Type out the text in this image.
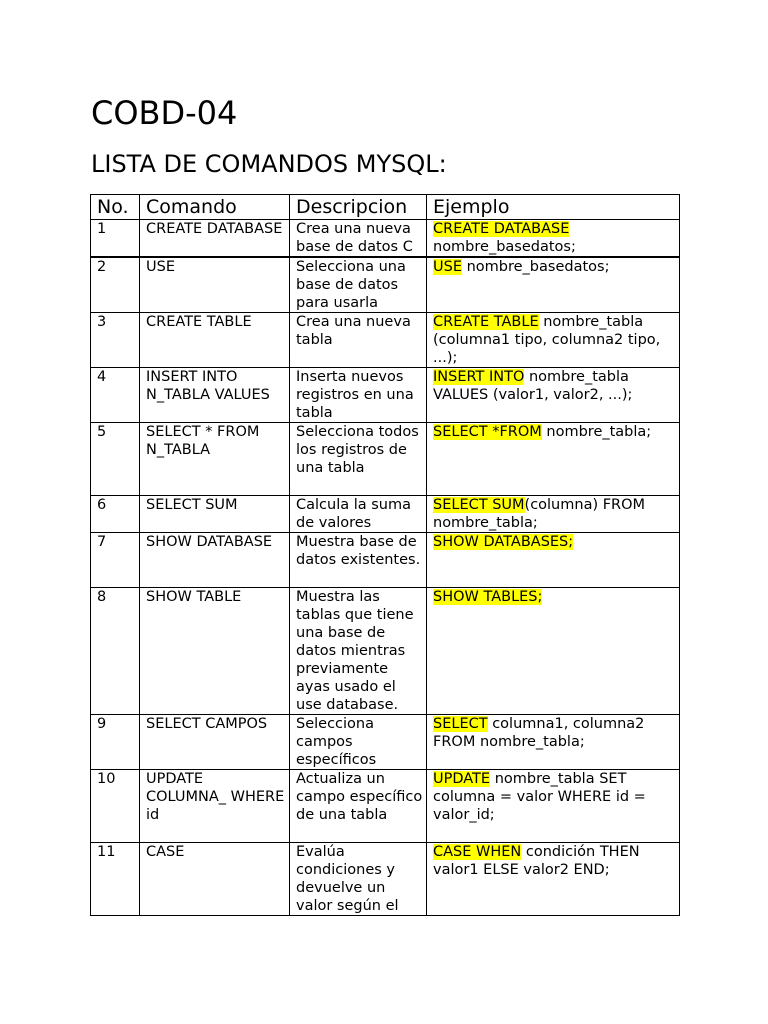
COBD-04
LISTA DE COMANDOS MYSQL:
No.	Comando	Descripcion	Ejemplo
1	CREATE DATABASE	Crea una nueva base de datos C	CREATE DATABASE nombre_basedatos;
2	USE	Selecciona una base de datos para usarla	USE nombre_basedatos;
3	CREATE TABLE	Crea una nueva tabla	CREATE TABLE nombre_tabla (columna1 tipo, columna2 tipo, ...);
4	INSERT INTO N_TABLA VALUES	Inserta nuevos registros en una tabla	INSERT INTO nombre_tabla VALUES (valor1, valor2, ...);
5	SELECT * FROM N_TABLA	Selecciona todos los registros de una tabla	SELECT *FROM nombre_tabla;
6	SELECT SUM	Calcula la suma de valores	SELECT SUM(columna) FROM nombre_tabla;
7	SHOW DATABASE	Muestra base de datos existentes.	SHOW DATABASES;
8	SHOW TABLE	Muestra las tablas que tiene una base de datos mientras previamente ayas usado el use database.	SHOW TABLES;
9	SELECT CAMPOS	Selecciona campos específicos	SELECT columna1, columna2 FROM nombre_tabla;
10	UPDATE COLUMNA_ WHERE id	Actualiza un campo específico de una tabla	UPDATE nombre_tabla SET columna = valor WHERE id = valor_id;
11	CASE	Evalúa condiciones y devuelve un valor según el	CASE WHEN condición THEN valor1 ELSE valor2 END;
